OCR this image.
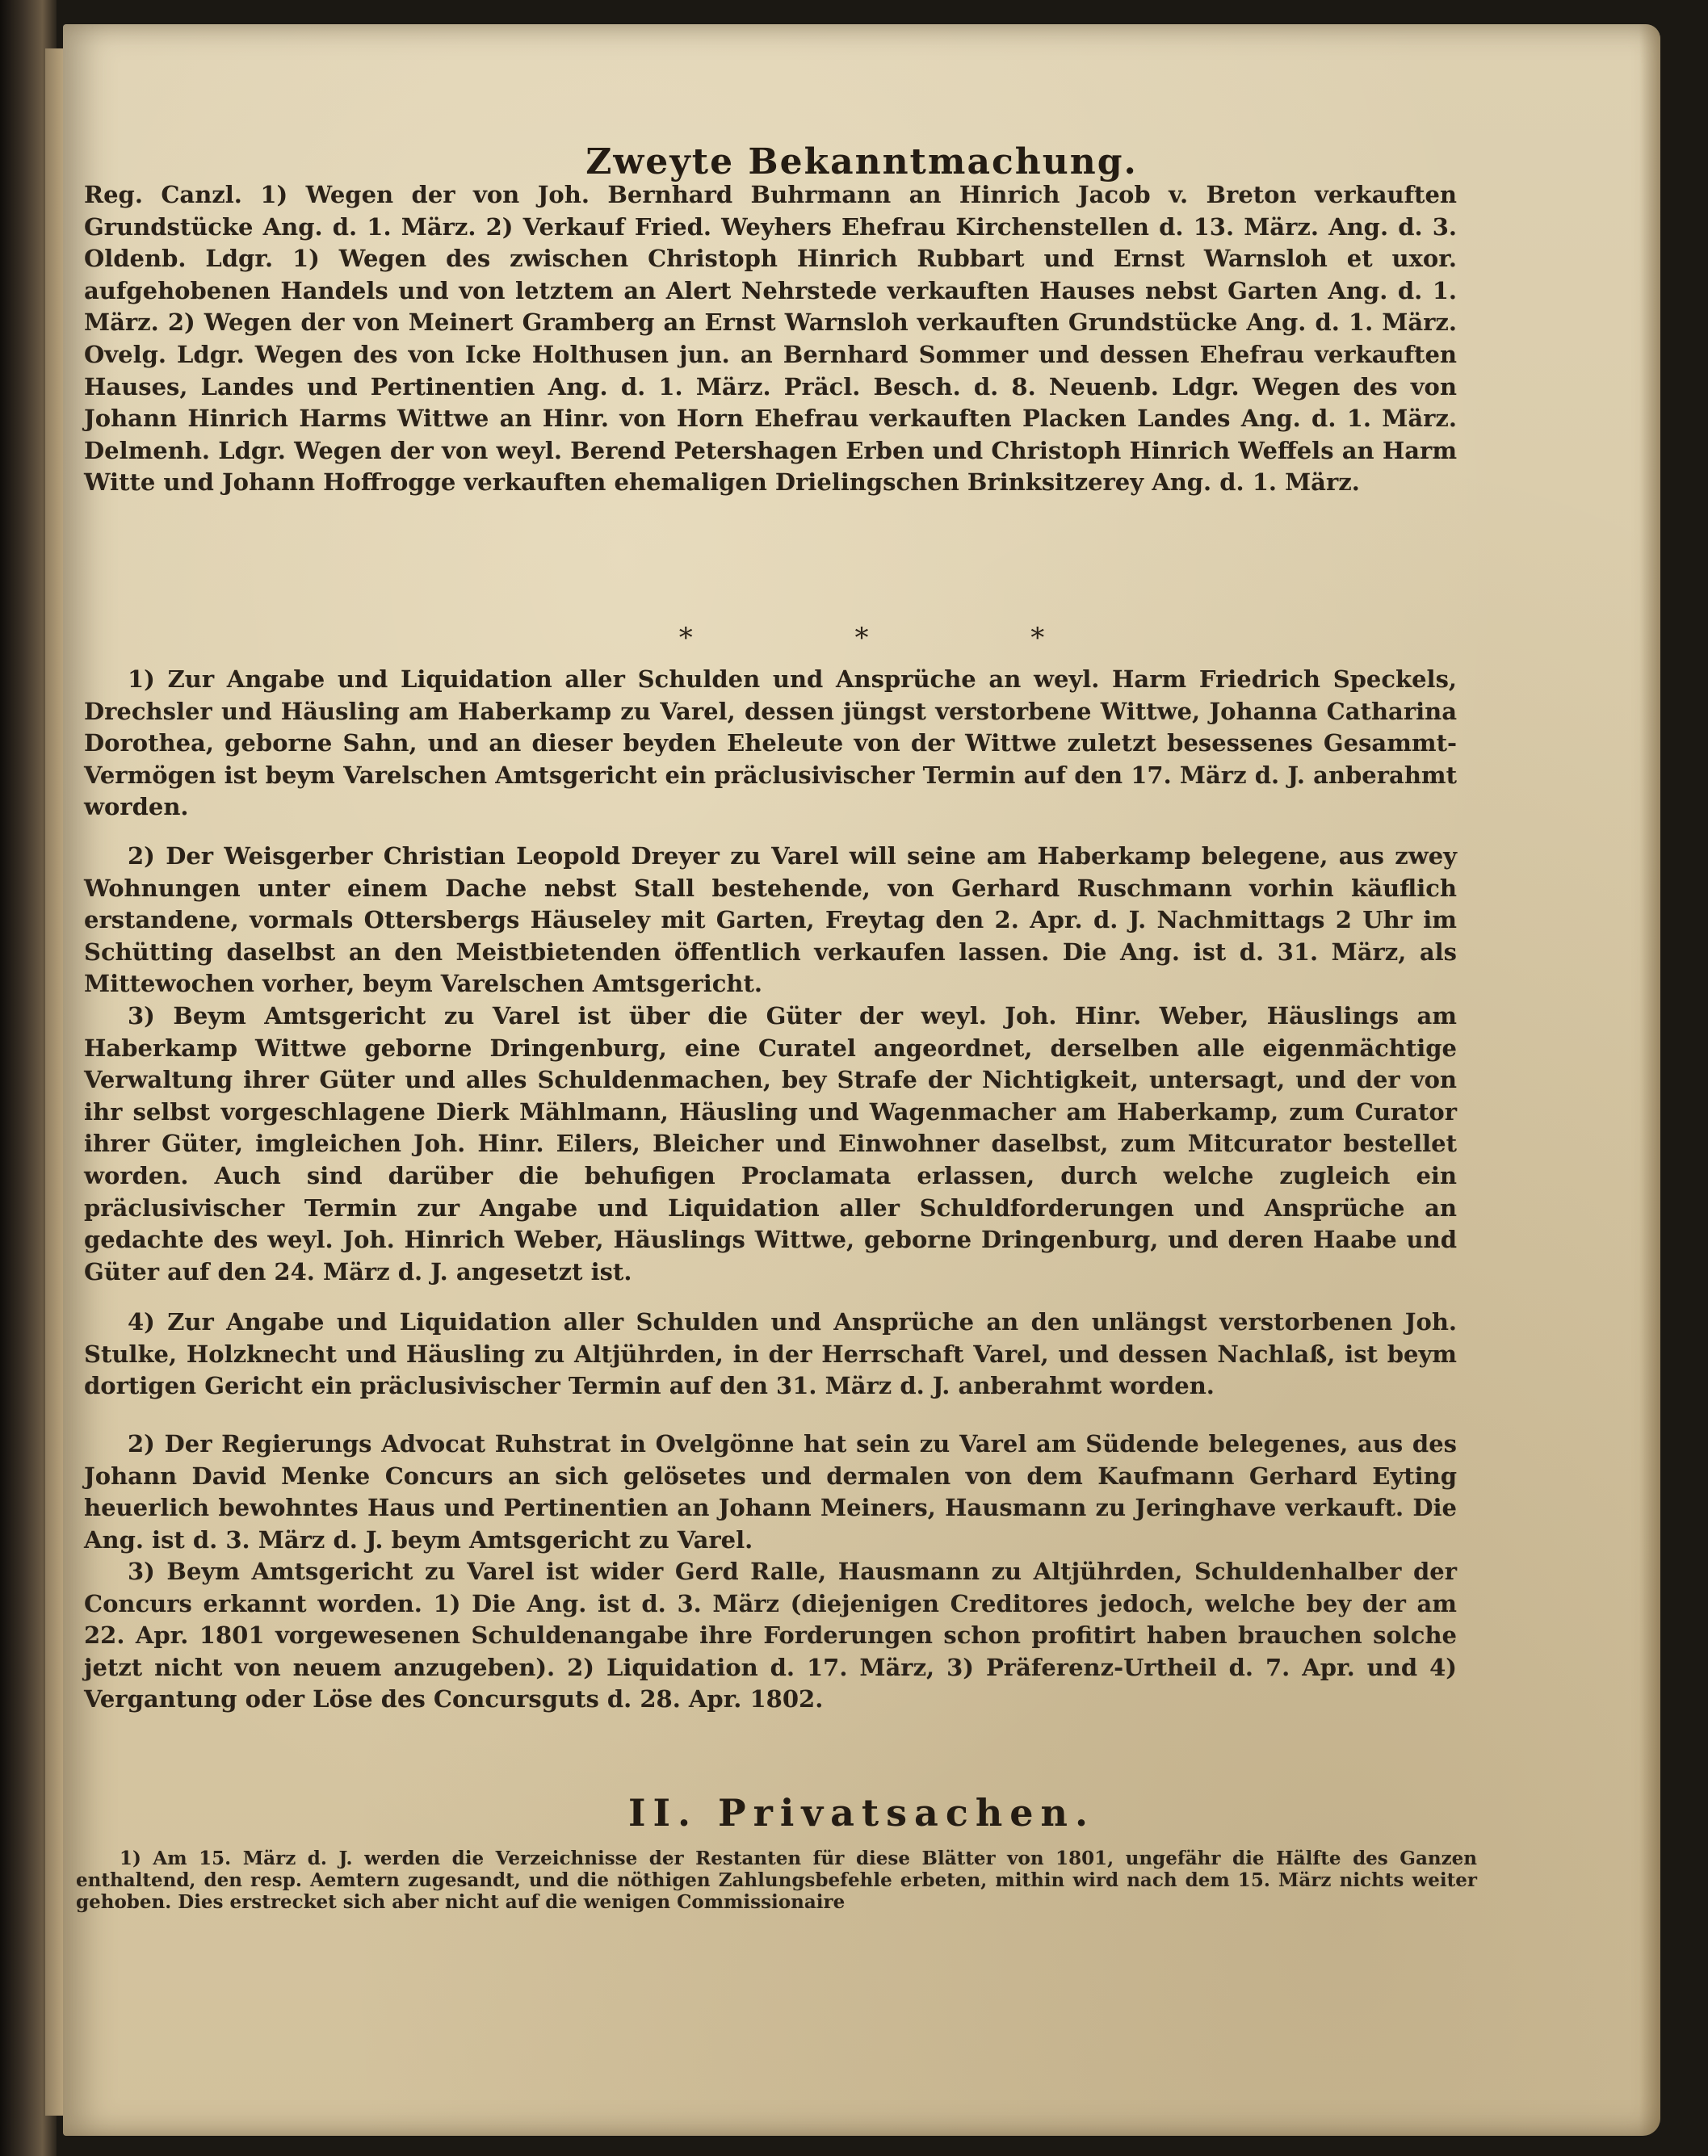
Zweyte Bekanntmachung.

Reg. Canzl. 1) Wegen der von Joh. Bernhard Buhrmann an Hinrich Jacob v. Breton verkauften Grundstücke Ang. d. 1. März. 2) Verkauf Fried. Weyhers Ehefrau Kirchenstellen d. 13. März. Ang. d. 3. Oldenb. Ldgr. 1) Wegen des zwischen Christoph Hinrich Rubbart und Ernst Warnsloh et uxor. aufgehobenen Handels und von letztem an Alert Nehrstede verkauften Hauses nebst Garten Ang. d. 1. März. 2) Wegen der von Meinert Gramberg an Ernst Warnsloh verkauften Grundstücke Ang. d. 1. März. Ovelg. Ldgr. Wegen des von Icke Holthusen jun. an Bernhard Sommer und dessen Ehefrau verkauften Hauses, Landes und Pertinentien Ang. d. 1. März. Präcl. Besch. d. 8. Neuenb. Ldgr. Wegen des von Johann Hinrich Harms Wittwe an Hinr. von Horn Ehefrau verkauften Placken Landes Ang. d. 1. März. Delmenh. Ldgr. Wegen der von weyl. Berend Petershagen Erben und Christoph Hinrich Weffels an Harm Witte und Johann Hoffrogge verkauften ehemaligen Drielingschen Brinksitzerey Ang. d. 1. März.

* * *

1) Zur Angabe und Liquidation aller Schulden und Ansprüche an weyl. Harm Friedrich Speckels, Drechsler und Häusling am Haberkamp zu Varel, dessen jüngst verstorbene Wittwe, Johanna Catharina Dorothea, geborne Sahn, und an dieser beyden Eheleute von der Wittwe zuletzt besessenes Gesammt-Vermögen ist beym Varelschen Amtsgericht ein präclusivischer Termin auf den 17. März d. J. anberahmt worden.

2) Der Weisgerber Christian Leopold Dreyer zu Varel will seine am Haberkamp belegene, aus zwey Wohnungen unter einem Dache nebst Stall bestehende, von Gerhard Ruschmann vorhin käuflich erstandene, vormals Ottersbergs Häuseley mit Garten, Freytag den 2. Apr. d. J. Nachmittags 2 Uhr im Schütting daselbst an den Meistbietenden öffentlich verkaufen lassen. Die Ang. ist d. 31. März, als Mittewochen vorher, beym Varelschen Amtsgericht.

3) Beym Amtsgericht zu Varel ist über die Güter der weyl. Joh. Hinr. Weber, Häuslings am Haberkamp Wittwe geborne Dringenburg, eine Curatel angeordnet, derselben alle eigenmächtige Verwaltung ihrer Güter und alles Schuldenmachen, bey Strafe der Nichtigkeit, untersagt, und der von ihr selbst vorgeschlagene Dierk Mählmann, Häusling und Wagenmacher am Haberkamp, zum Curator ihrer Güter, imgleichen Joh. Hinr. Eilers, Bleicher und Einwohner daselbst, zum Mitcurator bestellet worden. Auch sind darüber die behufigen Proclamata erlassen, durch welche zugleich ein präclusivischer Termin zur Angabe und Liquidation aller Schuldforderungen und Ansprüche an gedachte des weyl. Joh. Hinrich Weber, Häuslings Wittwe, geborne Dringenburg, und deren Haabe und Güter auf den 24. März d. J. angesetzt ist.

4) Zur Angabe und Liquidation aller Schulden und Ansprüche an den unlängst verstorbenen Joh. Stulke, Holzknecht und Häusling zu Altjührden, in der Herrschaft Varel, und dessen Nachlaß, ist beym dortigen Gericht ein präclusivischer Termin auf den 31. März d. J. anberahmt worden.

2) Der Regierungs Advocat Ruhstrat in Ovelgönne hat sein zu Varel am Südende belegenes, aus des Johann David Menke Concurs an sich gelösetes und dermalen von dem Kaufmann Gerhard Eyting heuerlich bewohntes Haus und Pertinentien an Johann Meiners, Hausmann zu Jeringhave verkauft. Die Ang. ist d. 3. März d. J. beym Amtsgericht zu Varel.

3) Beym Amtsgericht zu Varel ist wider Gerd Ralle, Hausmann zu Altjührden, Schuldenhalber der Concurs erkannt worden. 1) Die Ang. ist d. 3. März (diejenigen Creditores jedoch, welche bey der am 22. Apr. 1801 vorgewesenen Schuldenangabe ihre Forderungen schon profitirt haben brauchen solche jetzt nicht von neuem anzugeben). 2) Liquidation d. 17. März, 3) Präferenz-Urtheil d. 7. Apr. und 4) Vergantung oder Löse des Concursguts d. 28. Apr. 1802.

II. Privatsachen.

1) Am 15. März d. J. werden die Verzeichnisse der Restanten für diese Blätter von 1801, ungefähr die Hälfte des Ganzen enthaltend, den resp. Aemtern zugesandt, und die nöthigen Zahlungsbefehle erbeten, mithin wird nach dem 15. März nichts weiter gehoben. Dies erstrecket sich aber nicht auf die wenigen Commissionaire
